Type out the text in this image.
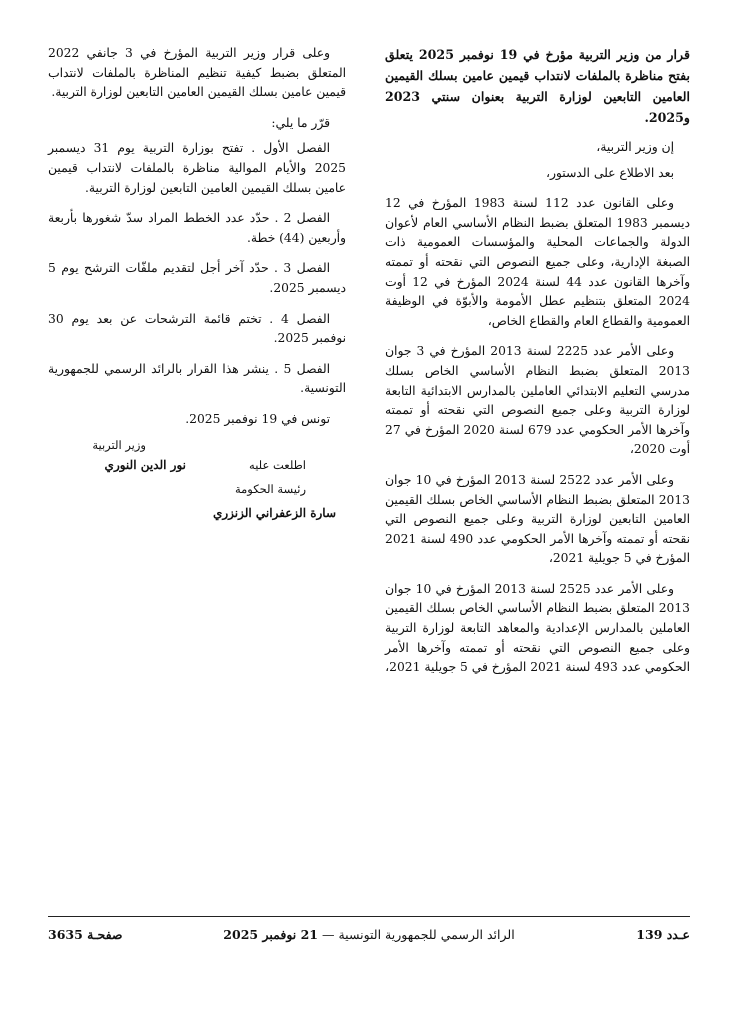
قرار من وزير التربية مؤرخ في 19 نوفمبر 2025 يتعلق بفتح مناظرة بالملفات لانتداب قيمين عامين بسلك القيمين العامين التابعين لوزارة التربية بعنوان سنتي 2023 و2025.

إن وزير التربية،

بعد الاطلاع على الدستور،

وعلى القانون عدد 112 لسنة 1983 المؤرخ في 12 ديسمبر 1983 المتعلق بضبط النظام الأساسي العام لأعوان الدولة والجماعات المحلية والمؤسسات العمومية ذات الصبغة الإدارية، وعلى جميع النصوص التي نقحته أو تممته وآخرها القانون عدد 44 لسنة 2024 المؤرخ في 12 أوت 2024 المتعلق بتنظيم عطل الأمومة والأبوّة في الوظيفة العمومية والقطاع العام والقطاع الخاص،

وعلى الأمر عدد 2225 لسنة 2013 المؤرخ في 3 جوان 2013 المتعلق بضبط النظام الأساسي الخاص بسلك مدرسي التعليم الابتدائي العاملين بالمدارس الابتدائية التابعة لوزارة التربية وعلى جميع النصوص التي نقحته أو تممته وآخرها الأمر الحكومي عدد 679 لسنة 2020 المؤرخ في 27 أوت 2020،

وعلى الأمر عدد 2522 لسنة 2013 المؤرخ في 10 جوان 2013 المتعلق بضبط النظام الأساسي الخاص بسلك القيمين العامين التابعين لوزارة التربية وعلى جميع النصوص التي نقحته أو تممته وآخرها الأمر الحكومي عدد 490 لسنة 2021 المؤرخ في 5 جويلية 2021،

وعلى الأمر عدد 2525 لسنة 2013 المؤرخ في 10 جوان 2013 المتعلق بضبط النظام الأساسي الخاص بسلك القيمين العاملين بالمدارس الإعدادية والمعاهد التابعة لوزارة التربية وعلى جميع النصوص التي نقحته أو تممته وآخرها الأمر الحكومي عدد 493 لسنة 2021 المؤرخ في 5 جويلية 2021،

وعلى قرار وزير التربية المؤرخ في 3 جانفي 2022 المتعلق بضبط كيفية تنظيم المناظرة بالملفات لانتداب قيمين عامين بسلك القيمين العامين التابعين لوزارة التربية.

قرّر ما يلي:

الفصل الأول . تفتح بوزارة التربية يوم 31 ديسمبر 2025 والأيام الموالية مناظرة بالملفات لانتداب قيمين عامين بسلك القيمين العامين التابعين لوزارة التربية.

الفصل 2 . حدّد عدد الخطط المراد سدّ شغورها بأربعة وأربعين (44) خطة.

الفصل 3 . حدّد آخر أجل لتقديم ملفّات الترشح يوم 5 ديسمبر 2025.

الفصل 4 . تختم قائمة الترشحات عن بعد يوم 30 نوفمبر 2025.

الفصل 5 . ينشر هذا القرار بالرائد الرسمي للجمهورية التونسية.

تونس في 19 نوفمبر 2025.

وزير التربية
نور الدين النوري	اطلعت عليه
رئيسة الحكومة
سارة الزعفراني الزنزري
عـدد 139
الرائد الرسمي للجمهورية التونسية — 21 نوفمبر 2025
صفحـة 3635
